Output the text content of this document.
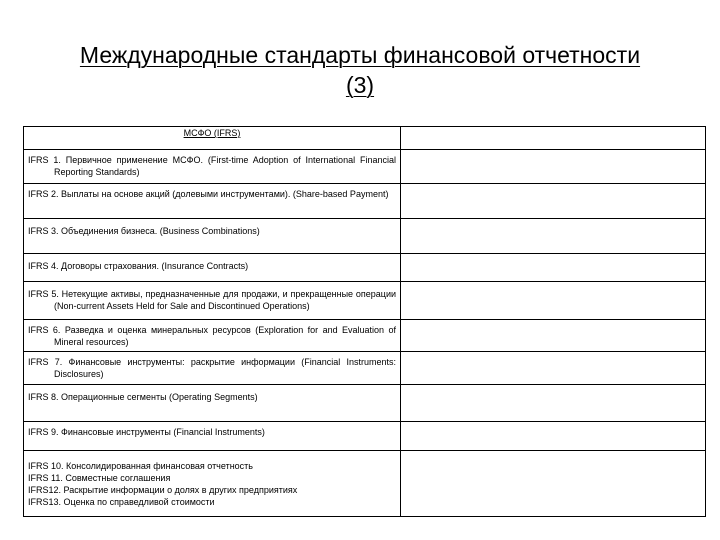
Международные стандарты финансовой отчетности
(3)
МСФО (IFRS)	

IFRS 1. Первичное применение МСФО. (First-time Adoption of International Financial Reporting Standards)	

IFRS 2. Выплаты на основе акций (долевыми инструментами). (Share-based Payment)	

IFRS 3. Объединения бизнеса. (Business Combinations)	

IFRS 4. Договоры страхования. (Insurance Contracts)	

IFRS 5. Нетекущие активы, предназначенные для продажи, и прекращенные операции (Non-current Assets Held for Sale and Discontinued Operations)	

IFRS 6. Разведка и оценка минеральных ресурсов (Exploration for and Evaluation of Mineral resources)	

IFRS 7. Финансовые инструменты: раскрытие информации (Financial Instruments: Disclosures)	

IFRS 8. Операционные сегменты (Operating Segments)	

IFRS 9. Финансовые инструменты (Financial Instruments)	

IFRS 10. Консолидированная финансовая отчетность
IFRS 11. Совместные соглашения
IFRS12. Раскрытие информации о долях в других предприятиях
IFRS13. Оценка по справедливой стоимости	
